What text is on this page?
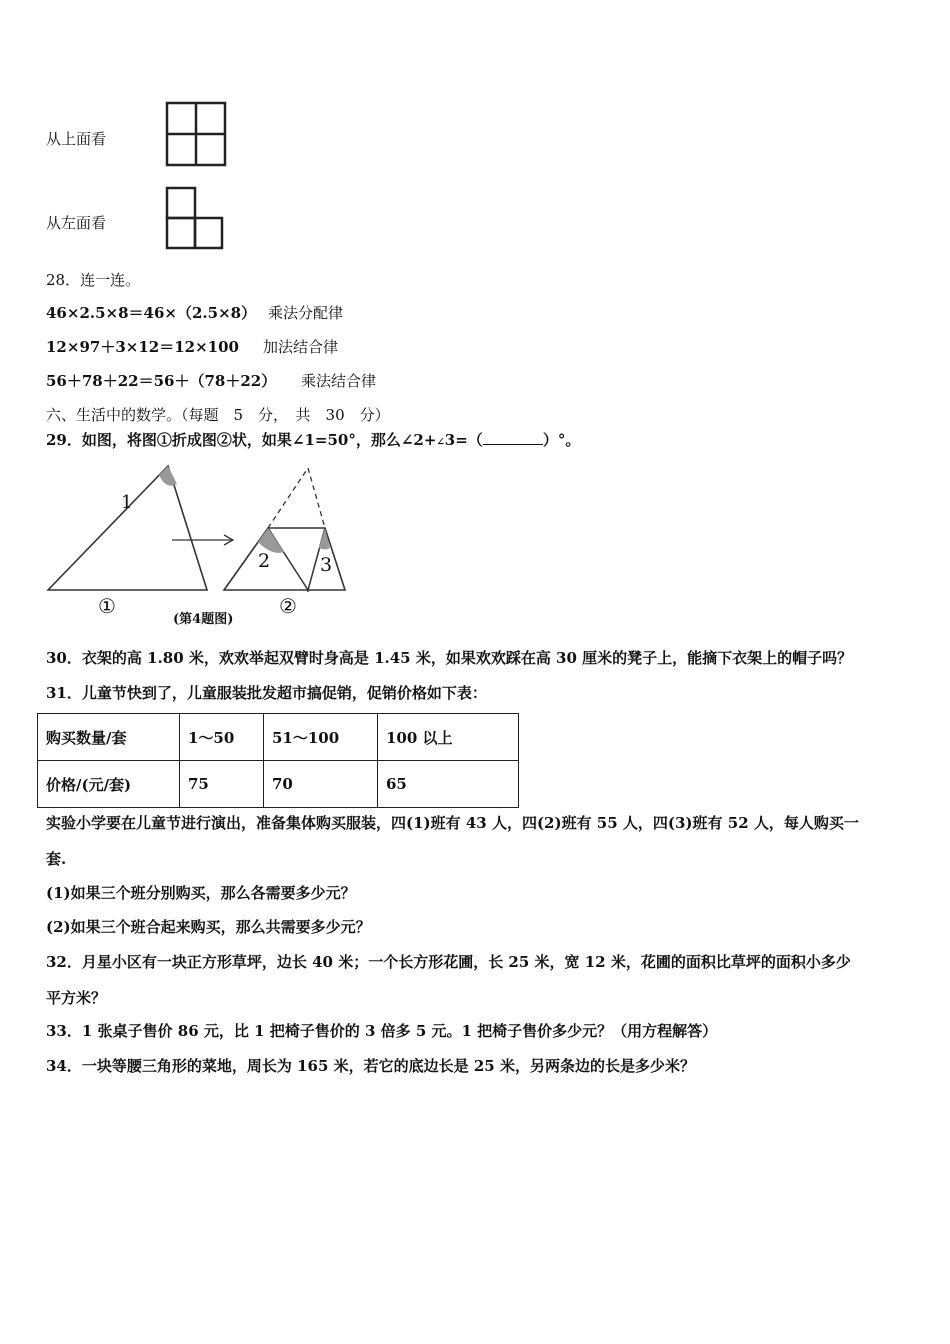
从上面看
从左面看
28．连一连。
46×2.5×8＝46×（2.5×8） 乘法分配律
12×97＋3×12＝12×100 加法结合律
56＋78＋22＝56＋（78＋22） 乘法结合律
六、生活中的数学。（每题　5　分，　共　30　分）
29．如图，将图①折成图②状，如果∠1=50°，那么∠2+∠3=（	）°。
1
2	3
①	②
(第4题图)
30．衣架的高 1.80 米，欢欢举起双臂时身高是 1.45 米，如果欢欢踩在高 30 厘米的凳子上，能摘下衣架上的帽子吗？
31．儿童节快到了，儿童服装批发超市搞促销，促销价格如下表：
购买数量/套	1～50	51～100	100 以上
价格/(元/套)	75	70	65
实验小学要在儿童节进行演出，准备集体购买服装，四(1)班有 43 人，四(2)班有 55 人，四(3)班有 52 人，每人购买一
套.
(1)如果三个班分别购买，那么各需要多少元？
(2)如果三个班合起来购买，那么共需要多少元？
32．月星小区有一块正方形草坪，边长 40 米；一个长方形花圃，长 25 米，宽 12 米，花圃的面积比草坪的面积小多少
平方米？
33．1 张桌子售价 86 元，比 1 把椅子售价的 3 倍多 5 元。1 把椅子售价多少元？（用方程解答）
34．一块等腰三角形的菜地，周长为 165 米，若它的底边长是 25 米，另两条边的长是多少米？
